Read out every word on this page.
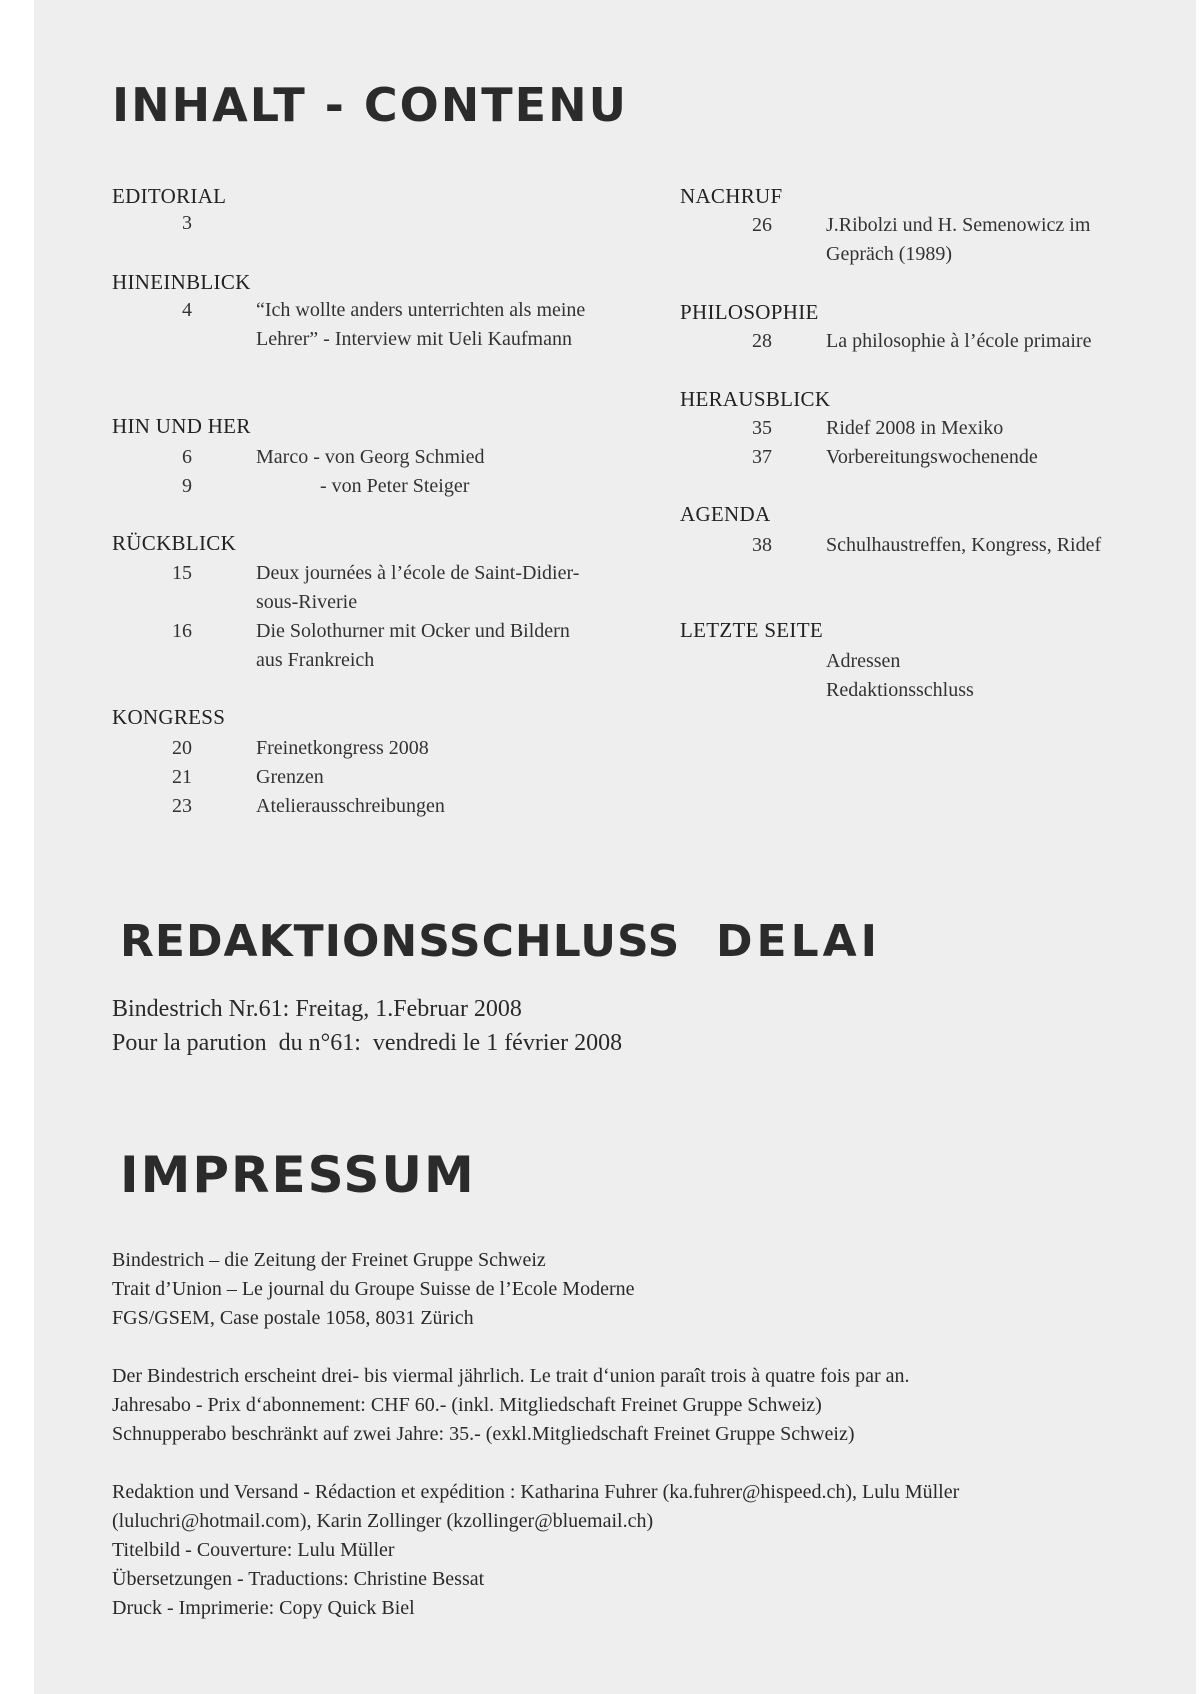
INHALT - CONTENU
EDITORIAL
3
HINEINBLICK
4	“Ich wollte anders unterrichten als meine Lehrer” - Interview mit Ueli Kaufmann
HIN UND HER
6	Marco - von Georg Schmied
9	- von Peter Steiger
RÜCKBLICK
15	Deux journées à l’école de Saint-Didier-sous-Riverie
16	Die Solothurner mit Ocker und Bildern aus Frankreich
KONGRESS
20	Freinetkongress 2008
21	Grenzen
23	Atelierausschreibungen
NACHRUF
26	J.Ribolzi und H. Semenowicz im Gepräch (1989)
PHILOSOPHIE
28	La philosophie à l’école primaire
HERAUSBLICK
35	Ridef 2008 in Mexiko
37	Vorbereitungswochenende
AGENDA
38	Schulhaustreffen, Kongress, Ridef
LETZTE SEITE
Adressen
Redaktionsschluss
REDAKTIONSSCHLUSS DELAI
Bindestrich Nr.61: Freitag, 1.Februar 2008
Pour la parution  du n°61:  vendredi le 1 février 2008
IMPRESSUM
Bindestrich – die Zeitung der Freinet Gruppe Schweiz
Trait d’Union – Le journal du Groupe Suisse de l’Ecole Moderne
FGS/GSEM, Case postale 1058, 8031 Zürich
Der Bindestrich erscheint drei- bis viermal jährlich. Le trait d‘union paraît trois à quatre fois par an.
Jahresabo - Prix d‘abonnement: CHF 60.- (inkl. Mitgliedschaft Freinet Gruppe Schweiz)
Schnupperabo beschränkt auf zwei Jahre: 35.- (exkl.Mitgliedschaft Freinet Gruppe Schweiz)
Redaktion und Versand - Rédaction et expédition : Katharina Fuhrer (ka.fuhrer@hispeed.ch), Lulu Müller
(luluchri@hotmail.com), Karin Zollinger (kzollinger@bluemail.ch)
Titelbild - Couverture: Lulu Müller
Übersetzungen - Traductions: Christine Bessat
Druck - Imprimerie: Copy Quick Biel
